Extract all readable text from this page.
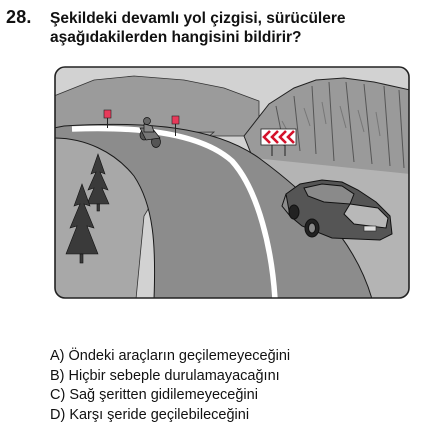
28. Şekildeki devamlı yol çizgisi, sürücülere aşağıdakilerden hangisini bildirir?
A) Öndeki araçların geçilemeyeceğini
B) Hiçbir sebeple durulamayacağını
C) Sağ şeritten gidilemeyeceğini
D) Karşı şeride geçilebileceğini
